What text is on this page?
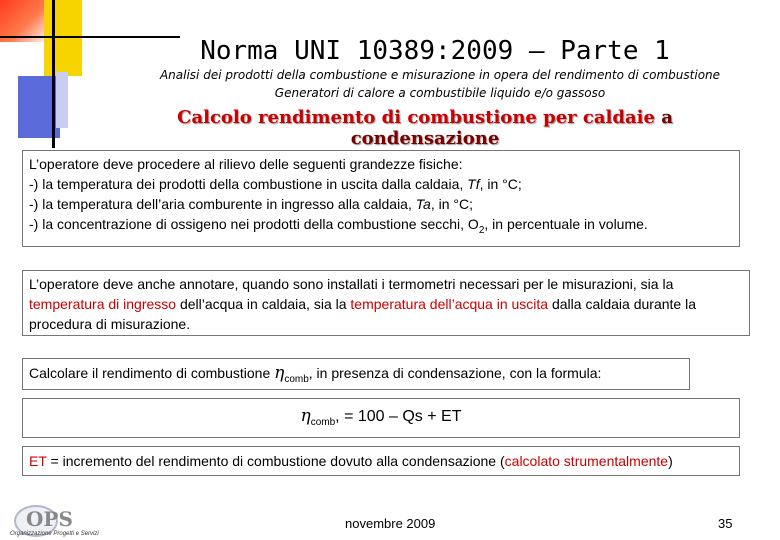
Norma UNI 10389:2009 – Parte 1
Analisi dei prodotti della combustione e misurazione in opera del rendimento di combustione
Generatori di calore a combustibile liquido e/o gassoso
Calcolo rendimento di combustione per caldaie a condensazione
L’operatore deve procedere al rilievo delle seguenti grandezze fisiche:
-) la temperatura dei prodotti della combustione in uscita dalla caldaia, Tf, in °C;
-) la temperatura dell’aria comburente in ingresso alla caldaia, Ta, in °C;
-) la concentrazione di ossigeno nei prodotti della combustione secchi, $O_2$, in percentuale in volume.
L’operatore deve anche annotare, quando sono installati i termometri necessari per le misurazioni, sia la temperatura di ingresso dell’acqua in caldaia, sia la temperatura dell’acqua in uscita dalla caldaia durante la procedura di misurazione.
Calcolare il rendimento di combustione $\eta_{comb}$, in presenza di condensazione, con la formula:
$\eta_{comb}$, = 100 – Qs + ET
ET = incremento del rendimento di combustione dovuto alla condensazione (calcolato strumentalmente)
OPS
Organizzazione Progetti e Servizi
novembre 2009	35
